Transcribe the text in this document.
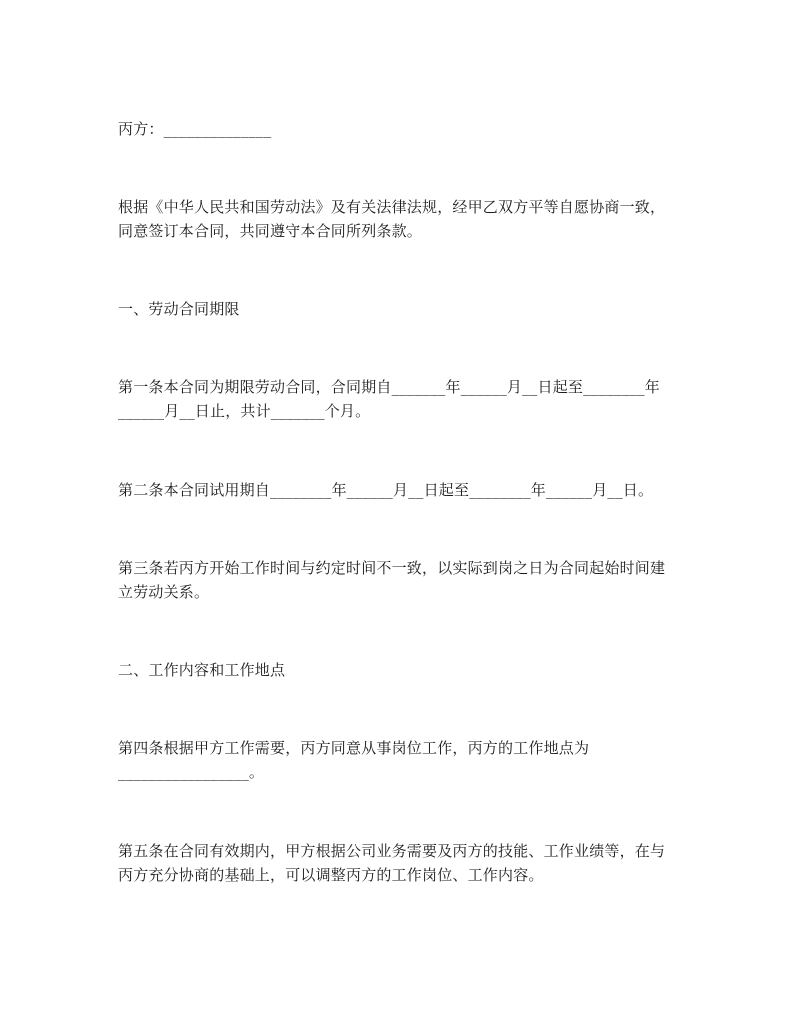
丙方：______________
根据《中华人民共和国劳动法》及有关法律法规，经甲乙双方平等自愿协商一致，
同意签订本合同，共同遵守本合同所列条款。
一、劳动合同期限
第一条本合同为期限劳动合同，合同期自_______年______月__日起至________年
______月__日止，共计_______个月。
第二条本合同试用期自________年______月__日起至________年______月__日。
第三条若丙方开始工作时间与约定时间不一致，以实际到岗之日为合同起始时间建
立劳动关系。
二、工作内容和工作地点
第四条根据甲方工作需要，丙方同意从事岗位工作，丙方的工作地点为
_________________。
第五条在合同有效期内，甲方根据公司业务需要及丙方的技能、工作业绩等，在与
丙方充分协商的基础上，可以调整丙方的工作岗位、工作内容。
